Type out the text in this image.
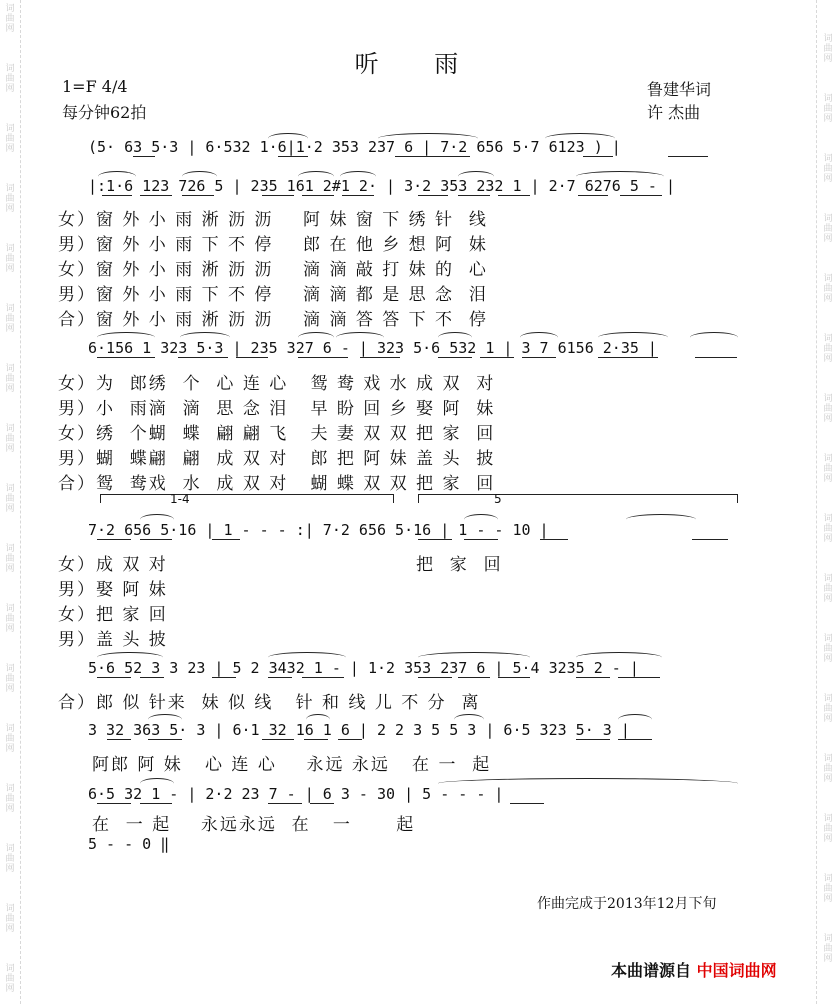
词曲网
词曲网
词曲网
词曲网
词曲网
词曲网
词曲网
词曲网
词曲网
词曲网
词曲网
词曲网
词曲网
词曲网
词曲网
词曲网
词曲网
词曲网
词曲网
词曲网
词曲网
词曲网
词曲网
词曲网
词曲网
词曲网
词曲网
词曲网
词曲网
词曲网
词曲网
词曲网
词曲网
听 雨
1=F 4/4
每分钟62拍
鲁建华词
许 杰曲
(5· 63 5·3 | 6·532 1·6|1·2 353 237 6 | 7·2 656 5·7 6123 ) |
|:1·6 123 726 5 | 235 161 2#1 2· | 3·2 353 232 1 | 2·7 6276 5 - |
女）窗 外 小 雨 淅 沥 沥    阿 妹 窗 下 绣 针  线
男）窗 外 小 雨 下 不 停    郎 在 他 乡 想 阿  妹
女）窗 外 小 雨 淅 沥 沥    滴 滴 敲 打 妹 的  心
男）窗 外 小 雨 下 不 停    滴 滴 都 是 思 念  泪
合）窗 外 小 雨 淅 沥 沥    滴 滴 答 答 下 不  停
6·156 1 323 5·3 | 235 327 6 - | 323 5·6 532 1 | 3 7 6156 2·35 |
女）为  郎绣  个  心 连 心   鸳 鸯 戏 水 成 双  对
男）小  雨滴  滴  思 念 泪   早 盼 回 乡 娶 阿  妹
女）绣  个蝴  蝶  翩 翩 飞   夫 妻 双 双 把 家  回
男）蝴  蝶翩  翩  成 双 对   郎 把 阿 妹 盖 头  披
合）鸳  鸯戏  水  成 双 对   蝴 蝶 双 双 把 家  回
1-4	5
7·2 656 5·16 | 1 - - - :| 7·2 656 5·16 | 1 - - 10 |
女）成 双 对
男）娶 阿 妹
女）把 家 回
男）盖 头 披
把  家  回
5·6 52 3 3 23 | 5 2 3432 1 - | 1·2 353 237 6 | 5·4 3235 2 - |
合）郎 似 针来  妹 似 线   针 和 线 儿 不 分  离
3 32 363 5· 3 | 6·1 32 16 1 6 | 2 2 3 5 5 3 | 6·5 323 5· 3 |
阿郎 阿 妹   心 连 心    永远 永远   在 一  起
6·5 32 1 - | 2·2 23 7 - | 6 3 - 30 | 5 - - - |
在  一 起    永远永远  在   一      起
5 - - 0 ‖
作曲完成于2013年12月下旬
本曲谱源自 中国词曲网
